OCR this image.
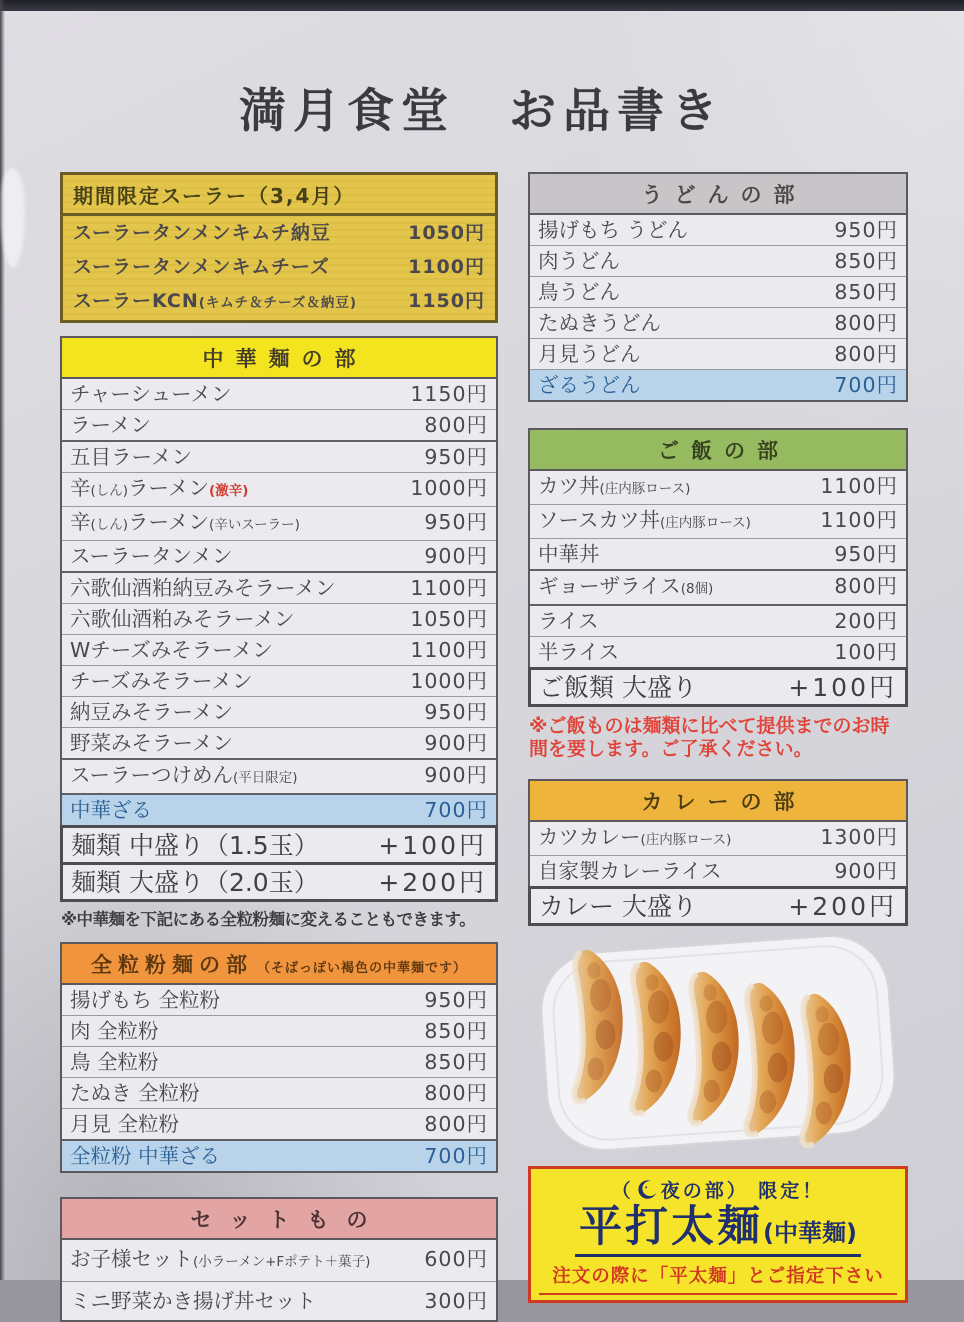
満月食堂　お品書き
期間限定スーラー（3,4月）
スーラータンメンキムチ納豆	1050円
スーラータンメンキムチーズ	1100円
スーラーKCN(キムチ＆チーズ＆納豆)	1150円
中華麺の部
チャーシューメン	1150円
ラーメン	800円
五目ラーメン	950円
辛(しん)ラーメン(激辛)	1000円
辛(しん)ラーメン(辛いスーラー)	950円
スーラータンメン	900円
六歌仙酒粕納豆みそラーメン	1100円
六歌仙酒粕みそラーメン	1050円
Wチーズみそラーメン	1100円
チーズみそラーメン	1000円
納豆みそラーメン	950円
野菜みそラーメン	900円
スーラーつけめん(平日限定)	900円
中華ざる	700円
麺類 中盛り（1.5玉） +100円
麺類 大盛り（2.0玉） +200円

※中華麺を下記にある全粒粉麺に変えることもできます。

全粒粉麺の部 （そばっぽい褐色の中華麺です）
揚げもち 全粒粉	950円
肉 全粒粉	850円
鳥 全粒粉	850円
たぬき 全粒粉	800円
月見 全粒粉	800円
全粒粉 中華ざる	700円
セットもの
お子様セット(小ラーメン+Fポテト＋菓子)	600円
ミニ野菜かき揚げ丼セット	300円
うどんの部
揚げもち うどん	950円
肉うどん	850円
鳥うどん	850円
たぬきうどん	800円
月見うどん	800円
ざるうどん	700円
ご飯の部
カツ丼(庄内豚ロース)	1100円
ソースカツ丼(庄内豚ロース)	1100円
中華丼	950円
ギョーザライス(8個)	800円
ライス	200円
半ライス	100円
ご飯類 大盛り	+100円

※ご飯ものは麺類に比べて提供までのお時間を要します。ご了承ください。

カレーの部
カツカレー(庄内豚ロース)	1300円
自家製カレーライス	900円
カレー 大盛り	+200円
（ 夜の部） 限定！
平打太麺(中華麺)
注文の際に「平太麺」とご指定下さい
